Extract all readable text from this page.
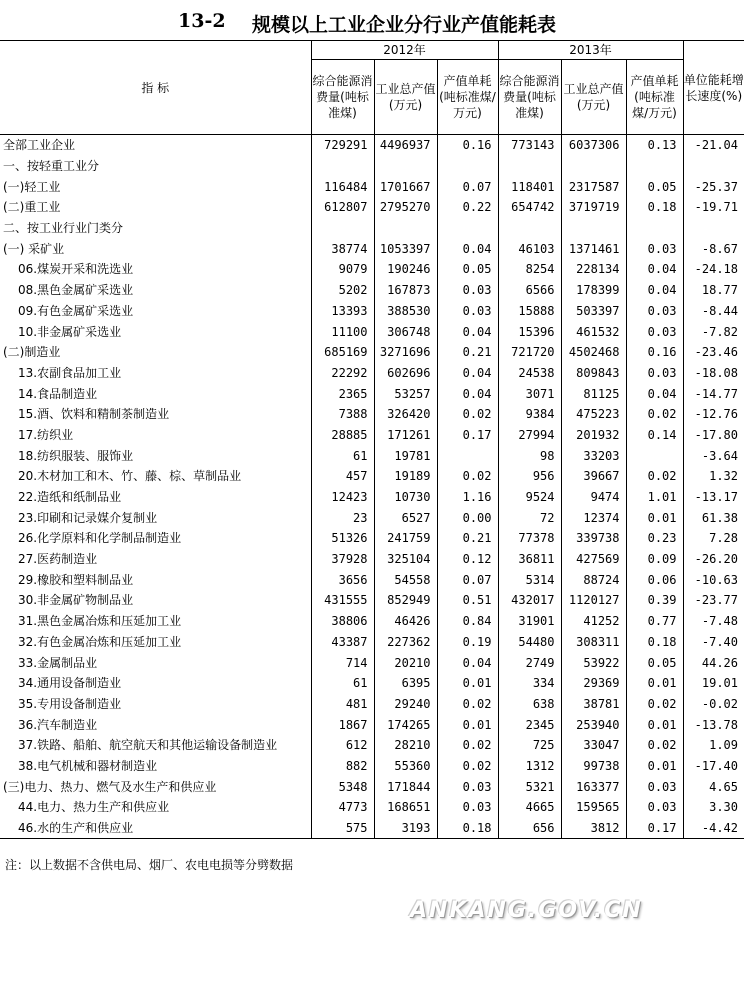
13-2 规模以上工业企业分行业产值能耗表
指 标	2012年			2013年			单位能耗增长速度(%)
	综合能源消费量(吨标准煤)	工业总产值(万元)	产值单耗(吨标准煤/万元)	综合能源消费量(吨标准煤)	工业总产值(万元)	产值单耗(吨标准煤/万元)	
全部工业企业	729291	4496937	0.16	773143	6037306	0.13	-21.04
一、按轻重工业分							
(一)轻工业	116484	1701667	0.07	118401	2317587	0.05	-25.37
(二)重工业	612807	2795270	0.22	654742	3719719	0.18	-19.71
二、按工业行业门类分							
(一) 采矿业	38774	1053397	0.04	46103	1371461	0.03	-8.67
06.煤炭开采和洗选业	9079	190246	0.05	8254	228134	0.04	-24.18
08.黑色金属矿采选业	5202	167873	0.03	6566	178399	0.04	18.77
09.有色金属矿采选业	13393	388530	0.03	15888	503397	0.03	-8.44
10.非金属矿采选业	11100	306748	0.04	15396	461532	0.03	-7.82
(二)制造业	685169	3271696	0.21	721720	4502468	0.16	-23.46
13.农副食品加工业	22292	602696	0.04	24538	809843	0.03	-18.08
14.食品制造业	2365	53257	0.04	3071	81125	0.04	-14.77
15.酒、饮料和精制茶制造业	7388	326420	0.02	9384	475223	0.02	-12.76
17.纺织业	28885	171261	0.17	27994	201932	0.14	-17.80
18.纺织服装、服饰业	61	19781		98	33203		-3.64
20.木材加工和木、竹、藤、棕、草制品业	457	19189	0.02	956	39667	0.02	1.32
22.造纸和纸制品业	12423	10730	1.16	9524	9474	1.01	-13.17
23.印刷和记录媒介复制业	23	6527	0.00	72	12374	0.01	61.38
26.化学原料和化学制品制造业	51326	241759	0.21	77378	339738	0.23	7.28
27.医药制造业	37928	325104	0.12	36811	427569	0.09	-26.20
29.橡胶和塑料制品业	3656	54558	0.07	5314	88724	0.06	-10.63
30.非金属矿物制品业	431555	852949	0.51	432017	1120127	0.39	-23.77
31.黑色金属冶炼和压延加工业	38806	46426	0.84	31901	41252	0.77	-7.48
32.有色金属冶炼和压延加工业	43387	227362	0.19	54480	308311	0.18	-7.40
33.金属制品业	714	20210	0.04	2749	53922	0.05	44.26
34.通用设备制造业	61	6395	0.01	334	29369	0.01	19.01
35.专用设备制造业	481	29240	0.02	638	38781	0.02	-0.02
36.汽车制造业	1867	174265	0.01	2345	253940	0.01	-13.78
37.铁路、船舶、航空航天和其他运输设备制造业	612	28210	0.02	725	33047	0.02	1.09
38.电气机械和器材制造业	882	55360	0.02	1312	99738	0.01	-17.40
(三)电力、热力、燃气及水生产和供应业	5348	171844	0.03	5321	163377	0.03	4.65
44.电力、热力生产和供应业	4773	168651	0.03	4665	159565	0.03	3.30
46.水的生产和供应业	575	3193	0.18	656	3812	0.17	-4.42
注：以上数据不含供电局、烟厂、农电电损等分劈数据
ANKANG.GOV.CN
